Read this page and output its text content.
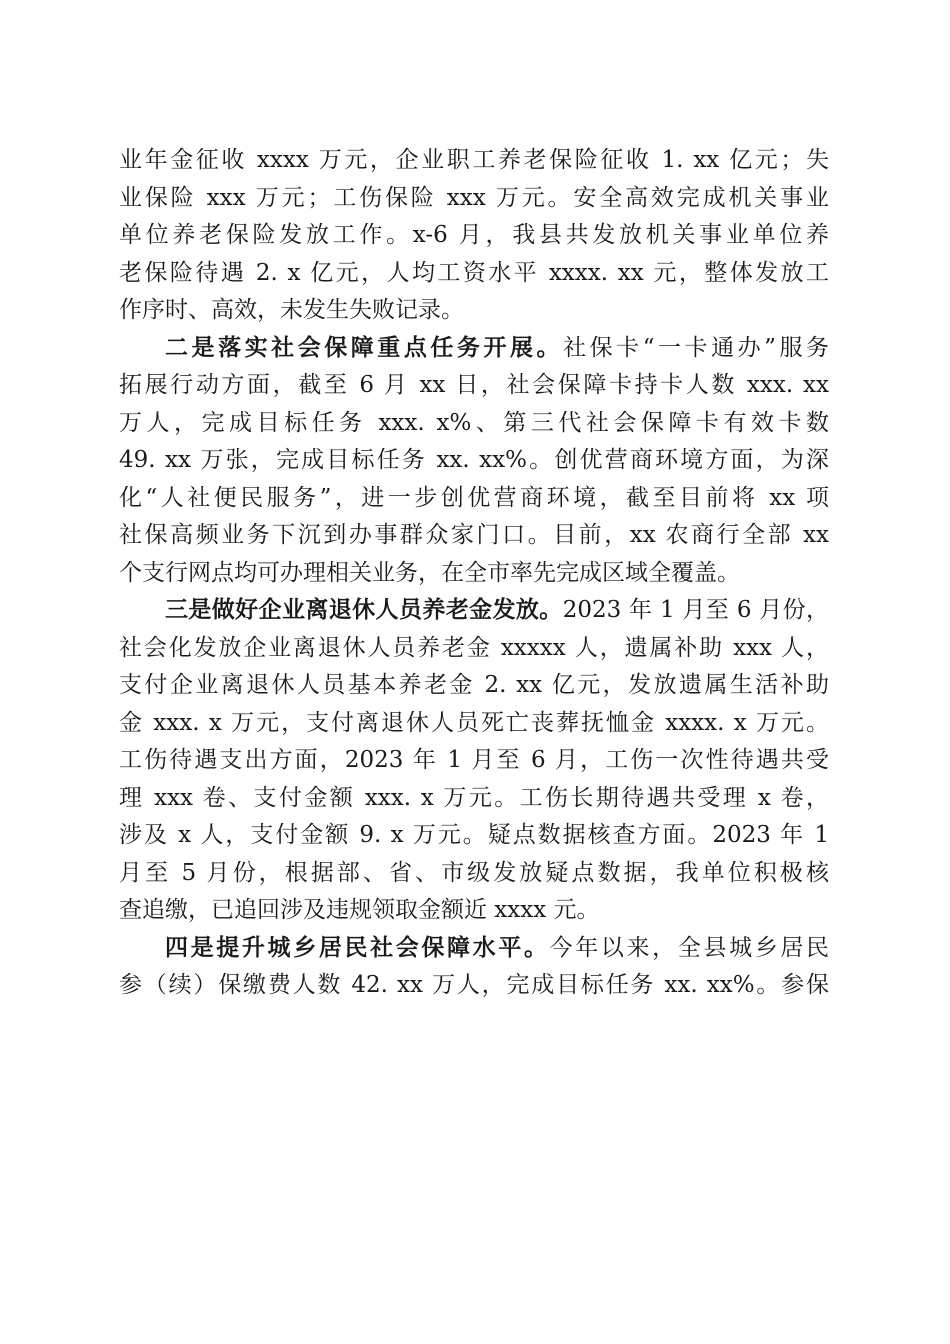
业年金征收 xxxx 万元，企业职工养老保险征收 1. xx 亿元；失
业保险 xxx 万元；工伤保险 xxx 万元。安全高效完成机关事业
单位养老保险发放工作。x-6 月，我县共发放机关事业单位养
老保险待遇 2. x 亿元，人均工资水平 xxxx. xx 元，整体发放工
作序时、高效，未发生失败记录。
二是落实社会保障重点任务开展。社保卡“一卡通办”服务
拓展行动方面，截至 6 月 xx 日，社会保障卡持卡人数 xxx. xx
万人，完成目标任务 xxx. x%、第三代社会保障卡有效卡数
49. xx 万张，完成目标任务 xx. xx%。创优营商环境方面，为深
化“人社便民服务”，进一步创优营商环境，截至目前将 xx 项
社保高频业务下沉到办事群众家门口。目前，xx 农商行全部 xx
个支行网点均可办理相关业务，在全市率先完成区域全覆盖。
三是做好企业离退休人员养老金发放。2023 年 1 月至 6 月份，
社会化发放企业离退休人员养老金 xxxxx 人，遗属补助 xxx 人，
支付企业离退休人员基本养老金 2. xx 亿元，发放遗属生活补助
金 xxx. x 万元，支付离退休人员死亡丧葬抚恤金 xxxx. x 万元。
工伤待遇支出方面，2023 年 1 月至 6 月，工伤一次性待遇共受
理 xxx 卷、支付金额 xxx. x 万元。工伤长期待遇共受理 x 卷，
涉及 x 人，支付金额 9. x 万元。疑点数据核查方面。2023 年 1
月至 5 月份，根据部、省、市级发放疑点数据，我单位积极核
查追缴，已追回涉及违规领取金额近 xxxx 元。
四是提升城乡居民社会保障水平。今年以来，全县城乡居民
参（续）保缴费人数 42. xx 万人，完成目标任务 xx. xx%。参保
